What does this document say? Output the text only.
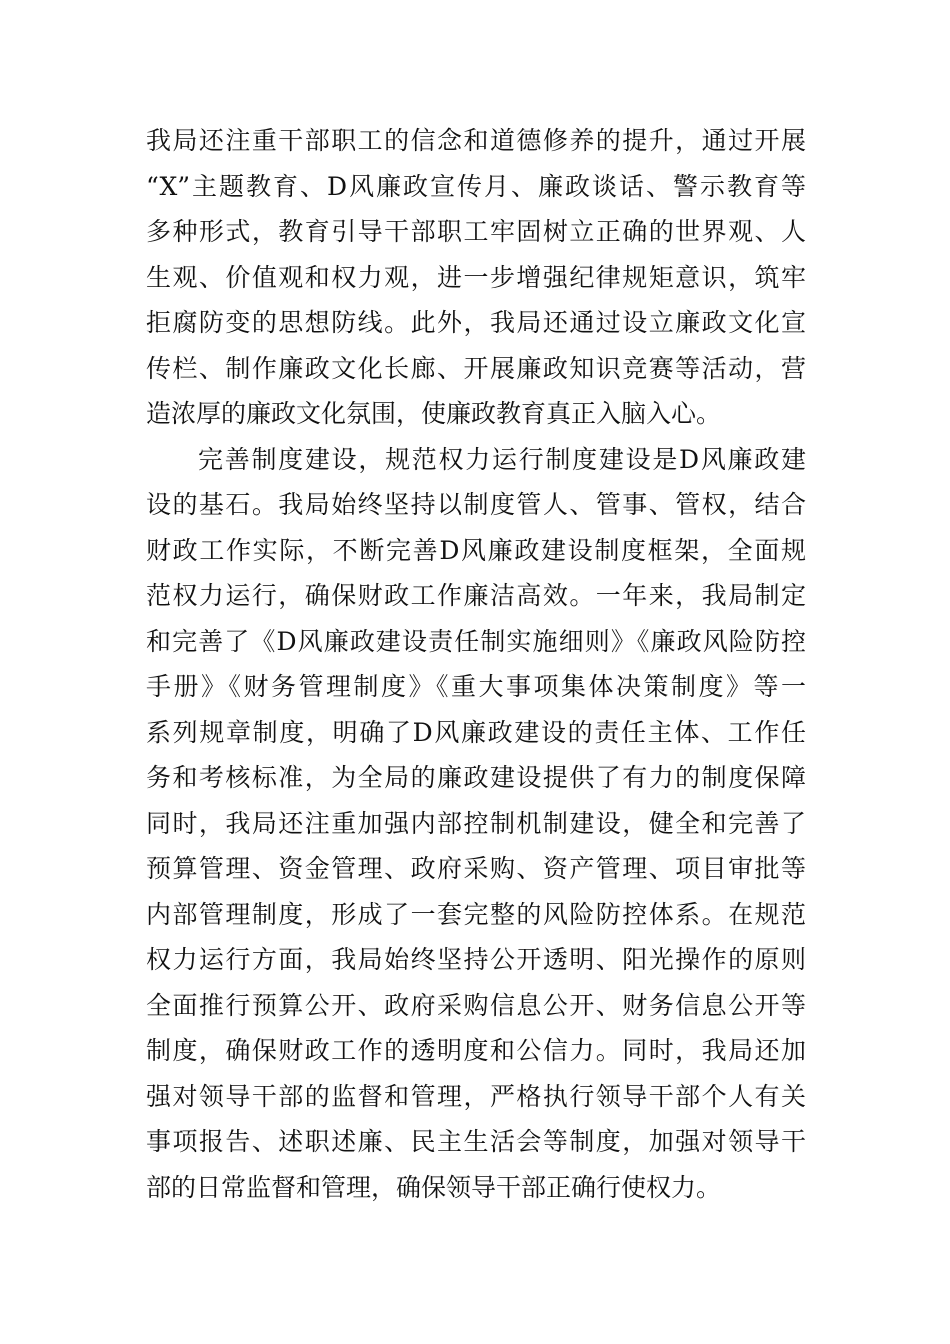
我局还注重干部职工的信念和道德修养的提升，通过开展
“X”主题教育、D风廉政宣传月、廉政谈话、警示教育等
多种形式，教育引导干部职工牢固树立正确的世界观、人
生观、价值观和权力观，进一步增强纪律规矩意识，筑牢
拒腐防变的思想防线。此外，我局还通过设立廉政文化宣
传栏、制作廉政文化长廊、开展廉政知识竞赛等活动，营
造浓厚的廉政文化氛围，使廉政教育真正入脑入心。
完善制度建设，规范权力运行制度建设是D风廉政建
设的基石。我局始终坚持以制度管人、管事、管权，结合
财政工作实际，不断完善D风廉政建设制度框架，全面规
范权力运行，确保财政工作廉洁高效。一年来，我局制定
和完善了《D风廉政建设责任制实施细则》《廉政风险防控
手册》《财务管理制度》《重大事项集体决策制度》等一
系列规章制度，明确了D风廉政建设的责任主体、工作任
务和考核标准，为全局的廉政建设提供了有力的制度保障
同时，我局还注重加强内部控制机制建设，健全和完善了
预算管理、资金管理、政府采购、资产管理、项目审批等
内部管理制度，形成了一套完整的风险防控体系。在规范
权力运行方面，我局始终坚持公开透明、阳光操作的原则
全面推行预算公开、政府采购信息公开、财务信息公开等
制度，确保财政工作的透明度和公信力。同时，我局还加
强对领导干部的监督和管理，严格执行领导干部个人有关
事项报告、述职述廉、民主生活会等制度，加强对领导干
部的日常监督和管理，确保领导干部正确行使权力。
